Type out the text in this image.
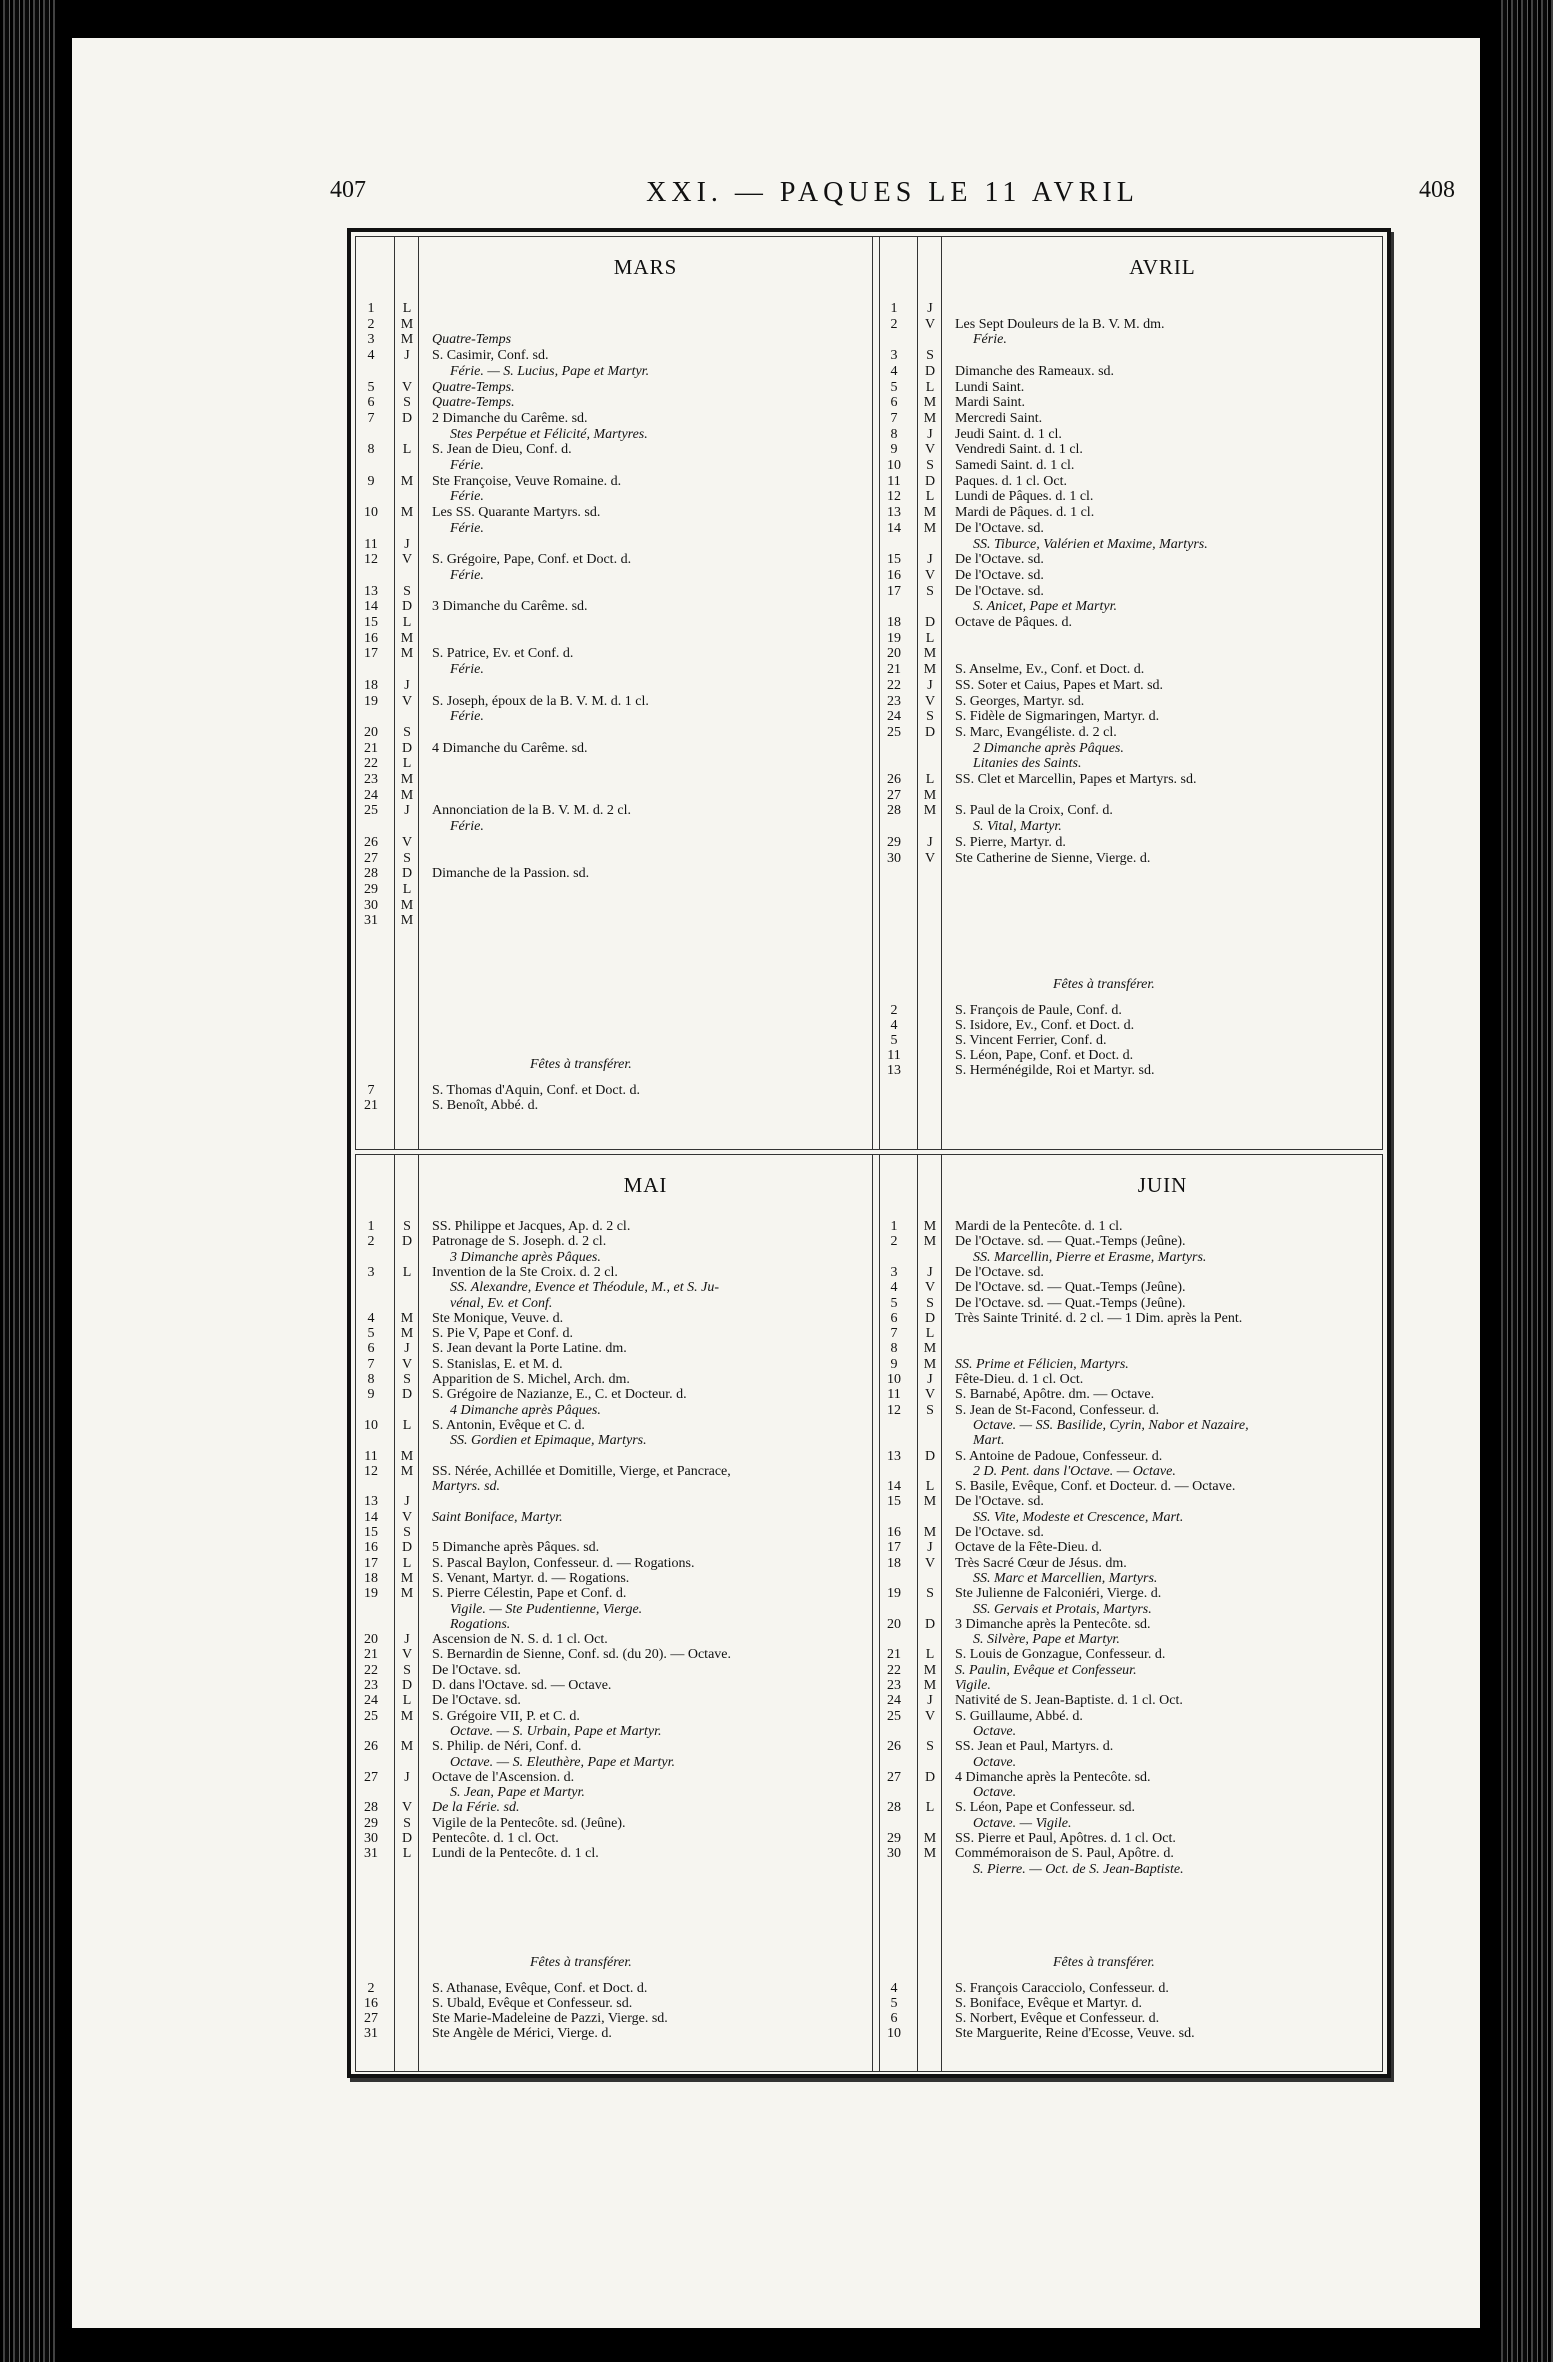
407	XXI. — PAQUES LE 11 AVRIL	408
MARS
1	L
2	M
3	M	Quatre-Temps
4	J	S. Casimir, Conf. sd.
Férie. — S. Lucius, Pape et Martyr.
5	V	Quatre-Temps.
6	S	Quatre-Temps.
7	D	2 Dimanche du Carême. sd.
Stes Perpétue et Félicité, Martyres.
8	L	S. Jean de Dieu, Conf. d.
Férie.
9	M	Ste Françoise, Veuve Romaine. d.
Férie.
10	M	Les SS. Quarante Martyrs. sd.
Férie.
11	J
12	V	S. Grégoire, Pape, Conf. et Doct. d.
Férie.
13	S
14	D	3 Dimanche du Carême. sd.
15	L
16	M
17	M	S. Patrice, Ev. et Conf. d.
Férie.
18	J
19	V	S. Joseph, époux de la B. V. M. d. 1 cl.
Férie.
20	S
21	D	4 Dimanche du Carême. sd.
22	L
23	M
24	M
25	J	Annonciation de la B. V. M. d. 2 cl.
Férie.
26	V
27	S
28	D	Dimanche de la Passion. sd.
29	L
30	M
31	M
Fêtes à transférer.
7	S. Thomas d'Aquin, Conf. et Doct. d.
21	S. Benoît, Abbé. d.
AVRIL
1	J
2	V	Les Sept Douleurs de la B. V. M. dm.
Férie.
3	S
4	D	Dimanche des Rameaux. sd.
5	L	Lundi Saint.
6	M	Mardi Saint.
7	M	Mercredi Saint.
8	J	Jeudi Saint. d. 1 cl.
9	V	Vendredi Saint. d. 1 cl.
10	S	Samedi Saint. d. 1 cl.
11	D	Paques. d. 1 cl. Oct.
12	L	Lundi de Pâques. d. 1 cl.
13	M	Mardi de Pâques. d. 1 cl.
14	M	De l'Octave. sd.
SS. Tiburce, Valérien et Maxime, Martyrs.
15	J	De l'Octave. sd.
16	V	De l'Octave. sd.
17	S	De l'Octave. sd.
S. Anicet, Pape et Martyr.
18	D	Octave de Pâques. d.
19	L
20	M
21	M	S. Anselme, Ev., Conf. et Doct. d.
22	J	SS. Soter et Caius, Papes et Mart. sd.
23	V	S. Georges, Martyr. sd.
24	S	S. Fidèle de Sigmaringen, Martyr. d.
25	D	S. Marc, Evangéliste. d. 2 cl.
2 Dimanche après Pâques.
Litanies des Saints.
26	L	SS. Clet et Marcellin, Papes et Martyrs. sd.
27	M
28	M	S. Paul de la Croix, Conf. d.
S. Vital, Martyr.
29	J	S. Pierre, Martyr. d.
30	V	Ste Catherine de Sienne, Vierge. d.
Fêtes à transférer.
2	S. François de Paule, Conf. d.
4	S. Isidore, Ev., Conf. et Doct. d.
5	S. Vincent Ferrier, Conf. d.
11	S. Léon, Pape, Conf. et Doct. d.
13	S. Herménégilde, Roi et Martyr. sd.
MAI
1	S	SS. Philippe et Jacques, Ap. d. 2 cl.
2	D	Patronage de S. Joseph. d. 2 cl.
3 Dimanche après Pâques.
3	L	Invention de la Ste Croix. d. 2 cl.
SS. Alexandre, Evence et Théodule, M., et S. Ju-
vénal, Ev. et Conf.
4	M	Ste Monique, Veuve. d.
5	M	S. Pie V, Pape et Conf. d.
6	J	S. Jean devant la Porte Latine. dm.
7	V	S. Stanislas, E. et M. d.
8	S	Apparition de S. Michel, Arch. dm.
9	D	S. Grégoire de Nazianze, E., C. et Docteur. d.
4 Dimanche après Pâques.
10	L	S. Antonin, Evêque et C. d.
SS. Gordien et Epimaque, Martyrs.
11	M
12	M	SS. Nérée, Achillée et Domitille, Vierge, et Pancrace,
Martyrs. sd.
13	J
14	V	Saint Boniface, Martyr.
15	S
16	D	5 Dimanche après Pâques. sd.
17	L	S. Pascal Baylon, Confesseur. d. — Rogations.
18	M	S. Venant, Martyr. d. — Rogations.
19	M	S. Pierre Célestin, Pape et Conf. d.
Vigile. — Ste Pudentienne, Vierge.
Rogations.
20	J	Ascension de N. S. d. 1 cl. Oct.
21	V	S. Bernardin de Sienne, Conf. sd. (du 20). — Octave.
22	S	De l'Octave. sd.
23	D	D. dans l'Octave. sd. — Octave.
24	L	De l'Octave. sd.
25	M	S. Grégoire VII, P. et C. d.
Octave. — S. Urbain, Pape et Martyr.
26	M	S. Philip. de Néri, Conf. d.
Octave. — S. Eleuthère, Pape et Martyr.
27	J	Octave de l'Ascension. d.
S. Jean, Pape et Martyr.
28	V	De la Férie. sd.
29	S	Vigile de la Pentecôte. sd. (Jeûne).
30	D	Pentecôte. d. 1 cl. Oct.
31	L	Lundi de la Pentecôte. d. 1 cl.
Fêtes à transférer.
2	S. Athanase, Evêque, Conf. et Doct. d.
16	S. Ubald, Evêque et Confesseur. sd.
27	Ste Marie-Madeleine de Pazzi, Vierge. sd.
31	Ste Angèle de Mérici, Vierge. d.
JUIN
1	M	Mardi de la Pentecôte. d. 1 cl.
2	M	De l'Octave. sd. — Quat.-Temps (Jeûne).
SS. Marcellin, Pierre et Erasme, Martyrs.
3	J	De l'Octave. sd.
4	V	De l'Octave. sd. — Quat.-Temps (Jeûne).
5	S	De l'Octave. sd. — Quat.-Temps (Jeûne).
6	D	Très Sainte Trinité. d. 2 cl. — 1 Dim. après la Pent.
7	L
8	M
9	M	SS. Prime et Félicien, Martyrs.
10	J	Fête-Dieu. d. 1 cl. Oct.
11	V	S. Barnabé, Apôtre. dm. — Octave.
12	S	S. Jean de St-Facond, Confesseur. d.
Octave. — SS. Basilide, Cyrin, Nabor et Nazaire,
Mart.
13	D	S. Antoine de Padoue, Confesseur. d.
2 D. Pent. dans l'Octave. — Octave.
14	L	S. Basile, Evêque, Conf. et Docteur. d. — Octave.
15	M	De l'Octave. sd.
SS. Vite, Modeste et Crescence, Mart.
16	M	De l'Octave. sd.
17	J	Octave de la Fête-Dieu. d.
18	V	Très Sacré Cœur de Jésus. dm.
SS. Marc et Marcellien, Martyrs.
19	S	Ste Julienne de Falconiéri, Vierge. d.
SS. Gervais et Protais, Martyrs.
20	D	3 Dimanche après la Pentecôte. sd.
S. Silvère, Pape et Martyr.
21	L	S. Louis de Gonzague, Confesseur. d.
22	M	S. Paulin, Evêque et Confesseur.
23	M	Vigile.
24	J	Nativité de S. Jean-Baptiste. d. 1 cl. Oct.
25	V	S. Guillaume, Abbé. d.
Octave.
26	S	SS. Jean et Paul, Martyrs. d.
Octave.
27	D	4 Dimanche après la Pentecôte. sd.
Octave.
28	L	S. Léon, Pape et Confesseur. sd.
Octave. — Vigile.
29	M	SS. Pierre et Paul, Apôtres. d. 1 cl. Oct.
30	M	Commémoraison de S. Paul, Apôtre. d.
S. Pierre. — Oct. de S. Jean-Baptiste.
Fêtes à transférer.
4	S. François Caracciolo, Confesseur. d.
5	S. Boniface, Evêque et Martyr. d.
6	S. Norbert, Evêque et Confesseur. d.
10	Ste Marguerite, Reine d'Ecosse, Veuve. sd.
